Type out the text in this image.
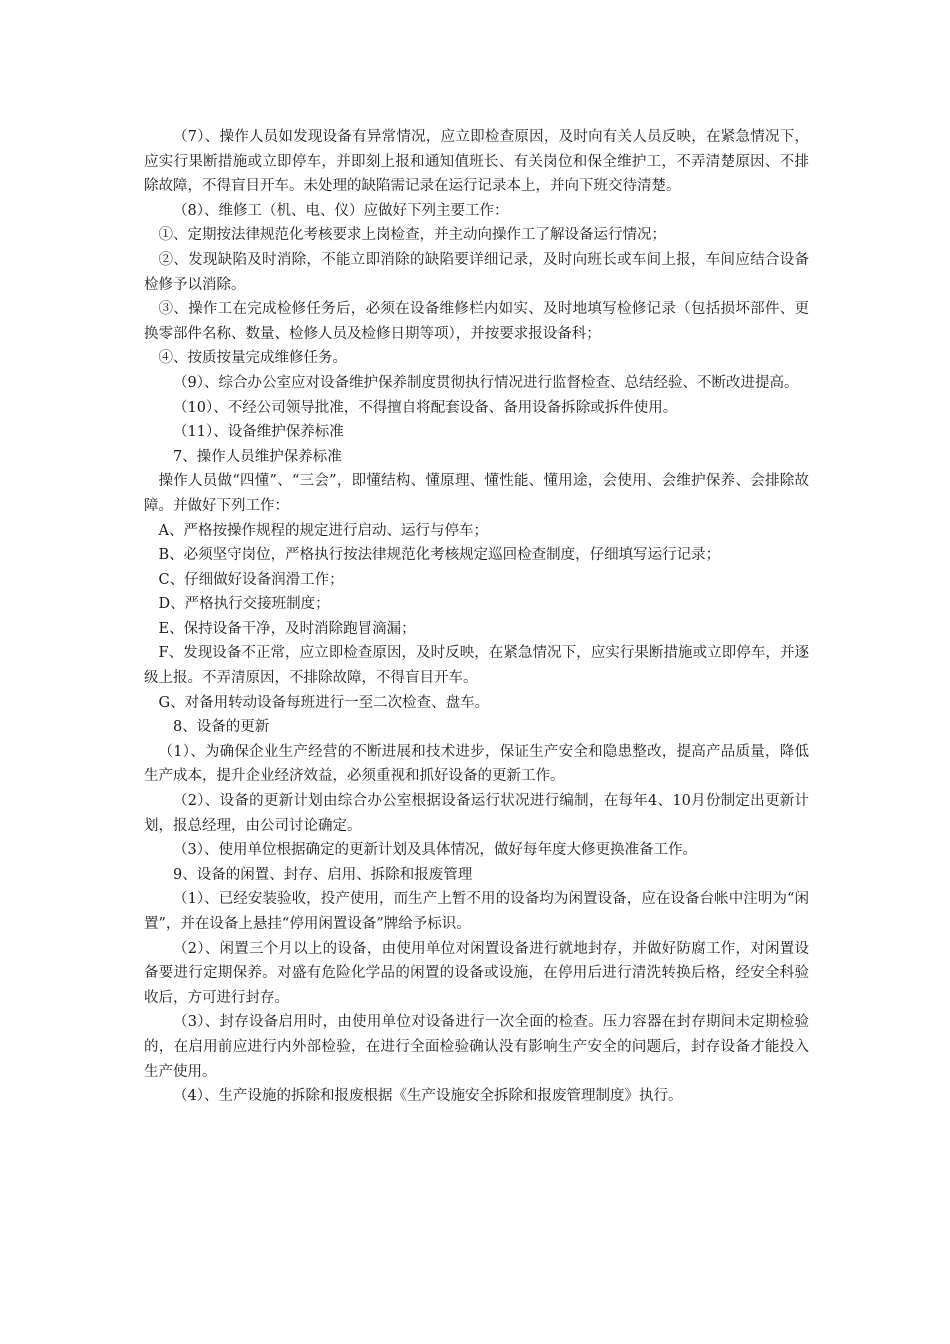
（7）、操作人员如发现设备有异常情况，应立即检查原因，及时向有关人员反映，在紧急情况下，应实行果断措施或立即停车，并即刻上报和通知值班长、有关岗位和保全维护工，不弄清楚原因、不排除故障，不得盲目开车。未处理的缺陷需记录在运行记录本上，并向下班交待清楚。

（8）、维修工（机、电、仪）应做好下列主要工作：

①、定期按法律规范化考核要求上岗检查，并主动向操作工了解设备运行情况；

②、发现缺陷及时消除，不能立即消除的缺陷要详细记录，及时向班长或车间上报，车间应结合设备检修予以消除。

③、操作工在完成检修任务后，必须在设备维修栏内如实、及时地填写检修记录（包括损坏部件、更换零部件名称、数量、检修人员及检修日期等项），并按要求报设备科；

④、按质按量完成维修任务。

（9）、综合办公室应对设备维护保养制度贯彻执行情况进行监督检查、总结经验、不断改进提高。

（10）、不经公司领导批准，不得擅自将配套设备、备用设备拆除或拆件使用。

（11）、设备维护保养标准

7、操作人员维护保养标准

操作人员做“四懂”、“三会”，即懂结构、懂原理、懂性能、懂用途，会使用、会维护保养、会排除故障。并做好下列工作：

A、严格按操作规程的规定进行启动、运行与停车；

B、必须坚守岗位，严格执行按法律规范化考核规定巡回检查制度，仔细填写运行记录；

C、仔细做好设备润滑工作；

D、严格执行交接班制度；

E、保持设备干净，及时消除跑冒滴漏；

F、发现设备不正常，应立即检查原因，及时反映，在紧急情况下，应实行果断措施或立即停车，并逐级上报。不弄清原因，不排除故障，不得盲目开车。

G、对备用转动设备每班进行一至二次检查、盘车。

8、设备的更新

（1）、为确保企业生产经营的不断进展和技术进步，保证生产安全和隐患整改，提高产品质量，降低生产成本，提升企业经济效益，必须重视和抓好设备的更新工作。

（2）、设备的更新计划由综合办公室根据设备运行状况进行编制，在每年4、10月份制定出更新计划，报总经理，由公司讨论确定。

（3）、使用单位根据确定的更新计划及具体情况，做好每年度大修更换准备工作。

9、设备的闲置、封存、启用、拆除和报废管理

（1）、已经安装验收，投产使用，而生产上暂不用的设备均为闲置设备，应在设备台帐中注明为“闲置”，并在设备上悬挂“停用闲置设备”牌给予标识。

（2）、闲置三个月以上的设备，由使用单位对闲置设备进行就地封存，并做好防腐工作，对闲置设备要进行定期保养。对盛有危险化学品的闲置的设备或设施，在停用后进行清洗转换后格，经安全科验收后，方可进行封存。

（3）、封存设备启用时，由使用单位对设备进行一次全面的检查。压力容器在封存期间未定期检验的，在启用前应进行内外部检验，在进行全面检验确认没有影响生产安全的问题后，封存设备才能投入生产使用。

（4）、生产设施的拆除和报废根据《生产设施安全拆除和报废管理制度》执行。
